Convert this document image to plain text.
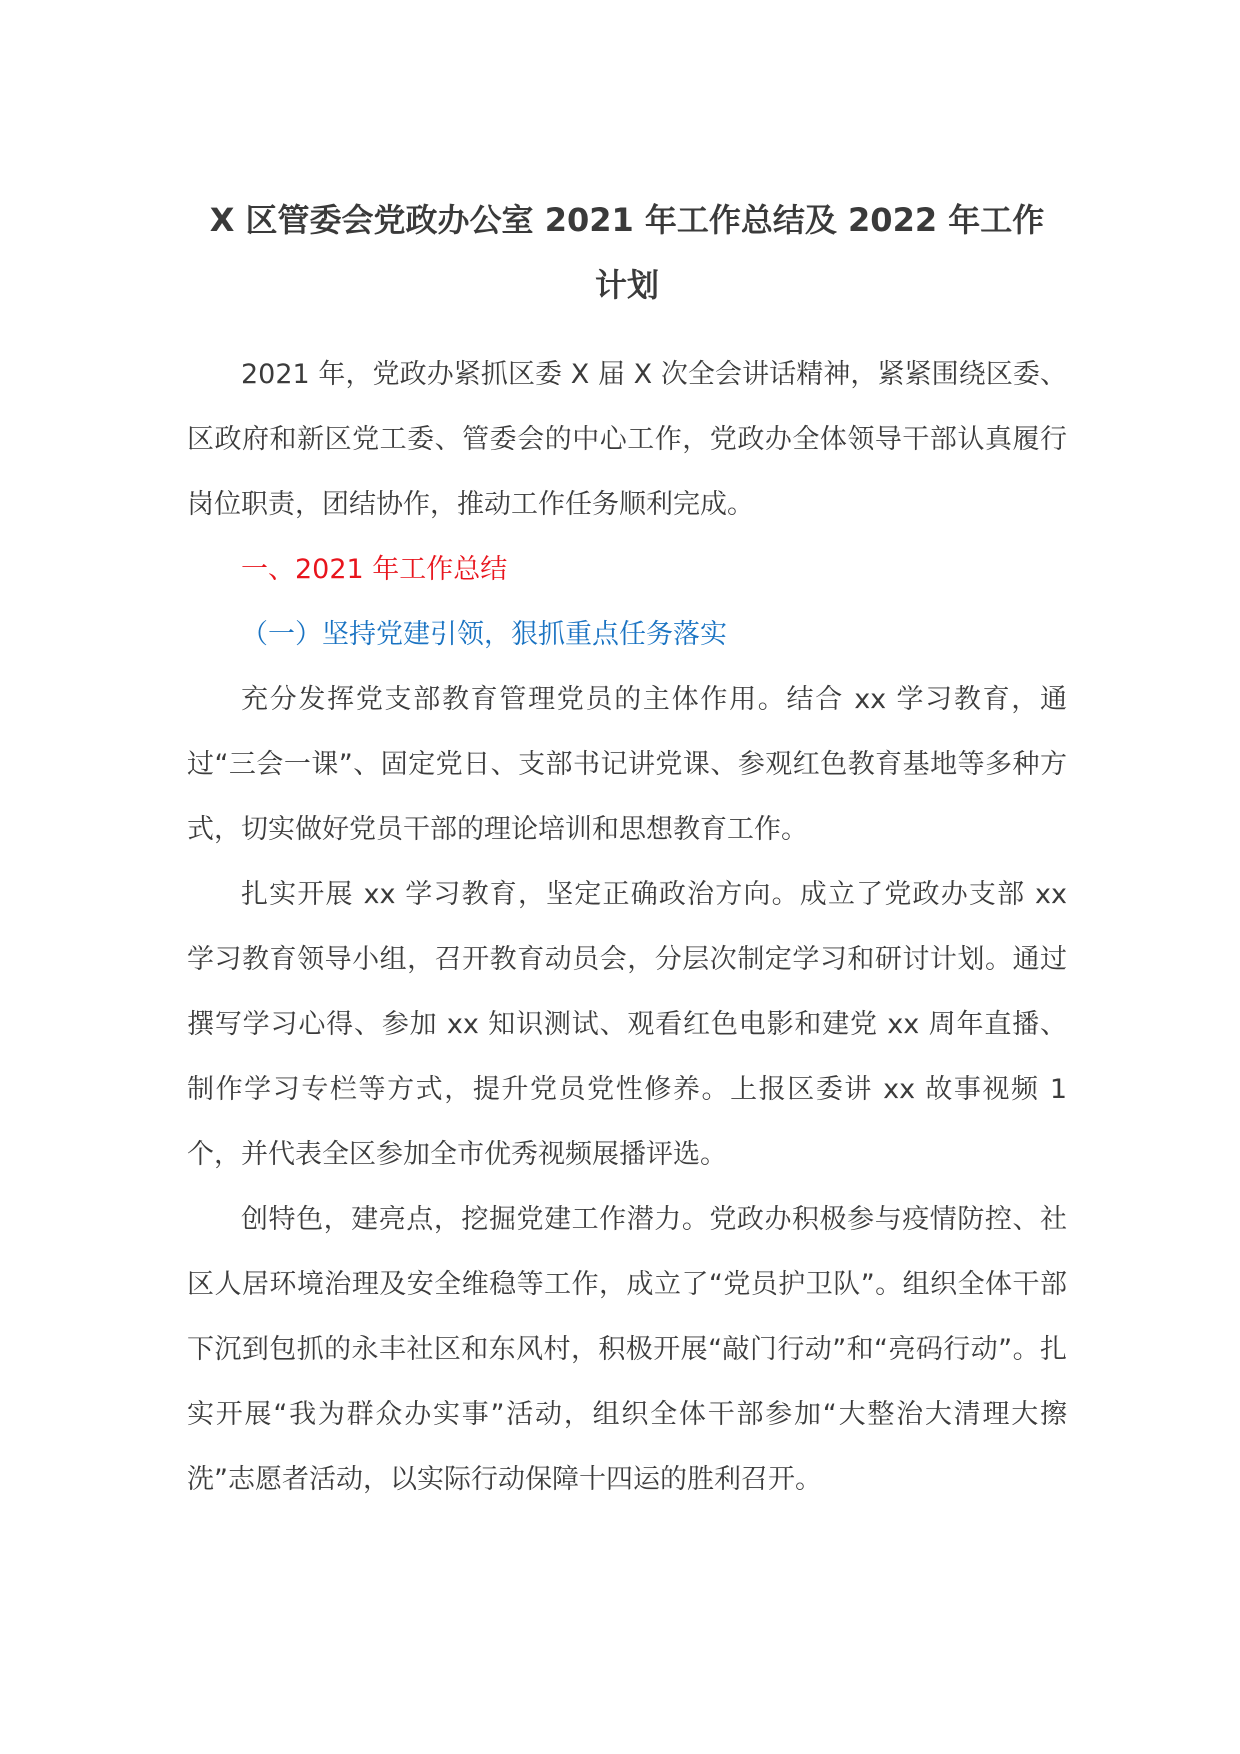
X 区管委会党政办公室 2021 年工作总结及 2022 年工作
计划

2021 年，党政办紧抓区委 X 届 X 次全会讲话精神，紧紧围绕区委、区政府和新区党工委、管委会的中心工作，党政办全体领导干部认真履行岗位职责，团结协作，推动工作任务顺利完成。

一、2021 年工作总结

（一）坚持党建引领，狠抓重点任务落实

充分发挥党支部教育管理党员的主体作用。结合 xx 学习教育，通过“三会一课”、固定党日、支部书记讲党课、参观红色教育基地等多种方式，切实做好党员干部的理论培训和思想教育工作。

扎实开展 xx 学习教育，坚定正确政治方向。成立了党政办支部 xx 学习教育领导小组，召开教育动员会，分层次制定学习和研讨计划。通过撰写学习心得、参加 xx 知识测试、观看红色电影和建党 xx 周年直播、制作学习专栏等方式，提升党员党性修养。上报区委讲 xx 故事视频 1 个，并代表全区参加全市优秀视频展播评选。

创特色，建亮点，挖掘党建工作潜力。党政办积极参与疫情防控、社区人居环境治理及安全维稳等工作，成立了“党员护卫队”。组织全体干部下沉到包抓的永丰社区和东风村，积极开展“敲门行动”和“亮码行动”。扎实开展“我为群众办实事”活动，组织全体干部参加“大整治大清理大擦洗”志愿者活动，以实际行动保障十四运的胜利召开。
